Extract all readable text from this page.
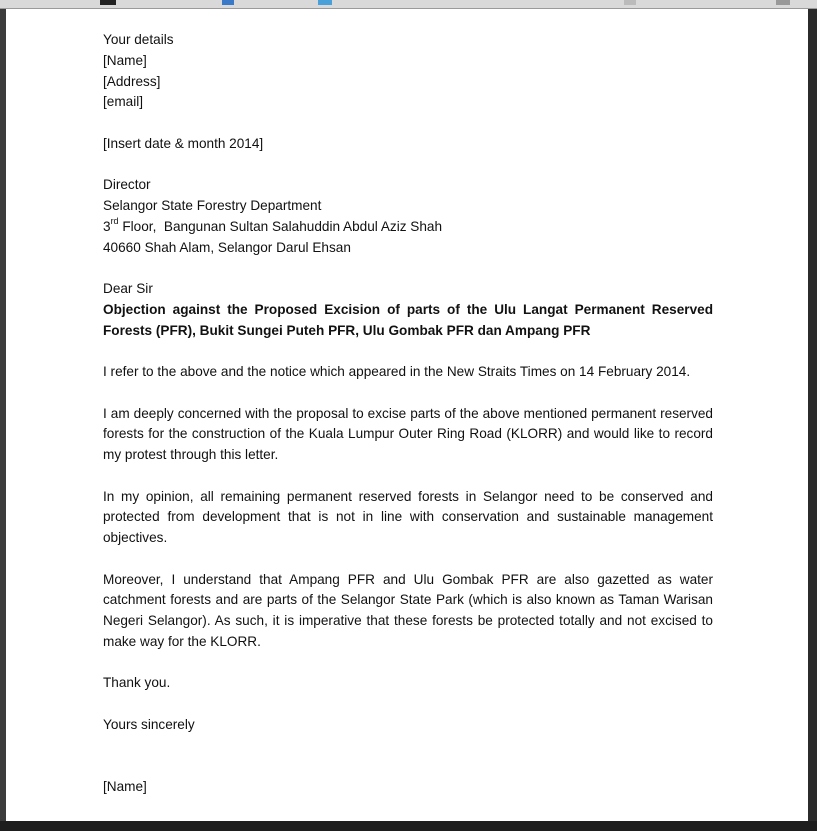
Your details
[Name]
[Address]
[email]
[Insert date & month 2014]
Director
Selangor State Forestry Department
3rd Floor,  Bangunan Sultan Salahuddin Abdul Aziz Shah
40660 Shah Alam, Selangor Darul Ehsan
Dear Sir
Objection against the Proposed Excision of parts of the Ulu Langat Permanent Reserved Forests (PFR), Bukit Sungei Puteh PFR, Ulu Gombak PFR dan Ampang PFR
I refer to the above and the notice which appeared in the New Straits Times on 14 February 2014.
I am deeply concerned with the proposal to excise parts of the above mentioned permanent reserved forests for the construction of the Kuala Lumpur Outer Ring Road (KLORR) and would like to record my protest through this letter.
In my opinion, all remaining permanent reserved forests in Selangor need to be conserved and protected from development that is not in line with conservation and sustainable management objectives.
Moreover, I understand that Ampang PFR and Ulu Gombak PFR are also gazetted as water catchment forests and are parts of the Selangor State Park (which is also known as Taman Warisan Negeri Selangor). As such, it is imperative that these forests be protected totally and not excised to make way for the KLORR.
Thank you.
Yours sincerely
[Name]
